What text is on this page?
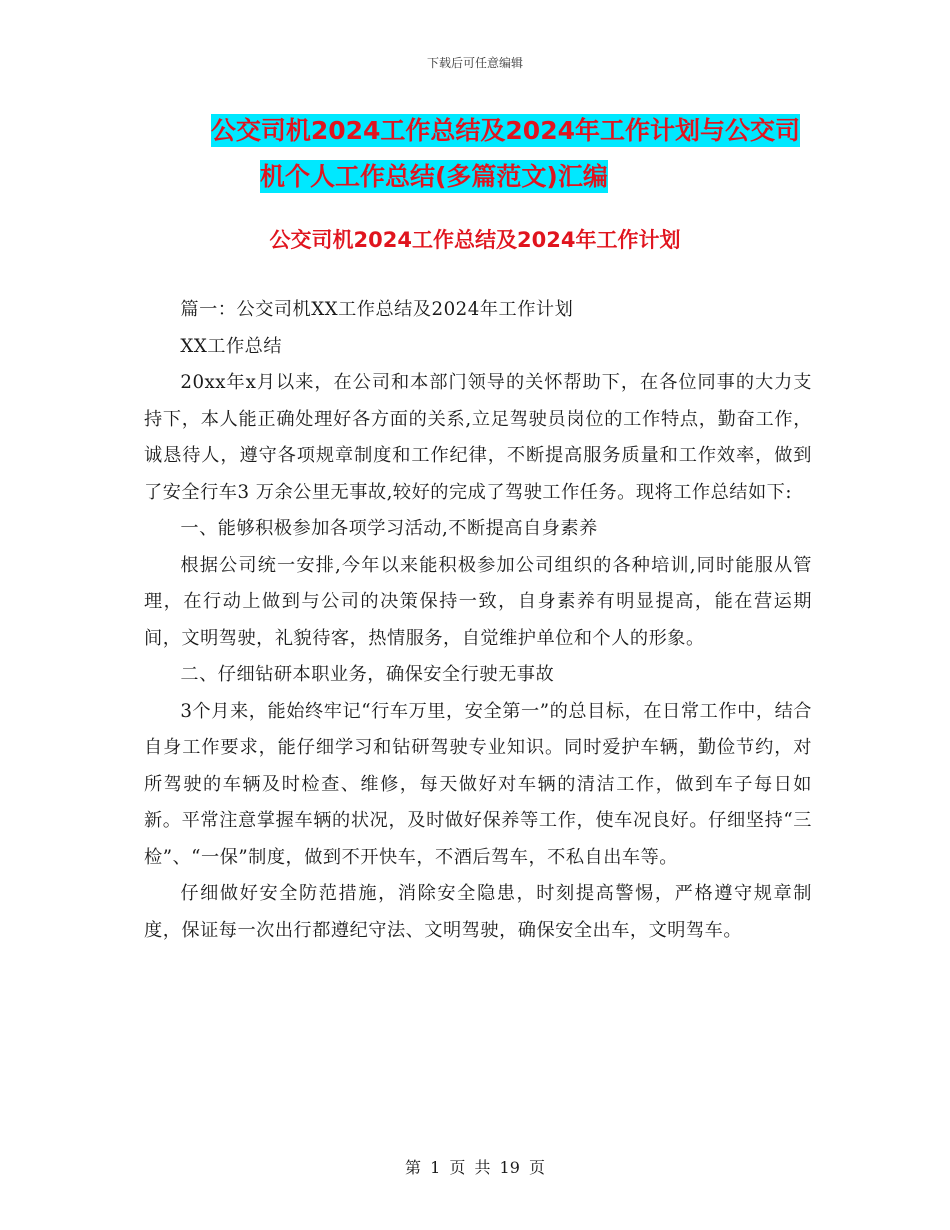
下载后可任意编辑
公交司机2024工作总结及2024年工作计划与公交司
机个人工作总结(多篇范文)汇编
公交司机2024工作总结及2024年工作计划

篇一：公交司机XX工作总结及2024年工作计划

XX工作总结

20xx年x月以来，在公司和本部门领导的关怀帮助下，在各位同事的大力支持下，本人能正确处理好各方面的关系,立足驾驶员岗位的工作特点，勤奋工作，诚恳待人，遵守各项规章制度和工作纪律，不断提高服务质量和工作效率，做到了安全行车3 万余公里无事故,较好的完成了驾驶工作任务。现将工作总结如下:

一、能够积极参加各项学习活动,不断提高自身素养

根据公司统一安排,今年以来能积极参加公司组织的各种培训,同时能服从管理，在行动上做到与公司的决策保持一致，自身素养有明显提高，能在营运期间，文明驾驶，礼貌待客，热情服务，自觉维护单位和个人的形象。

二、仔细钻研本职业务，确保安全行驶无事故

3个月来，能始终牢记“行车万里，安全第一”的总目标，在日常工作中，结合自身工作要求，能仔细学习和钻研驾驶专业知识。同时爱护车辆，勤俭节约，对所驾驶的车辆及时检查、维修，每天做好对车辆的清洁工作，做到车子每日如新。平常注意掌握车辆的状况，及时做好保养等工作，使车况良好。仔细坚持“三检”、“一保”制度，做到不开快车，不酒后驾车，不私自出车等。

仔细做好安全防范措施，消除安全隐患，时刻提高警惕，严格遵守规章制度，保证每一次出行都遵纪守法、文明驾驶，确保安全出车，文明驾车。

第 1 页 共 19 页
